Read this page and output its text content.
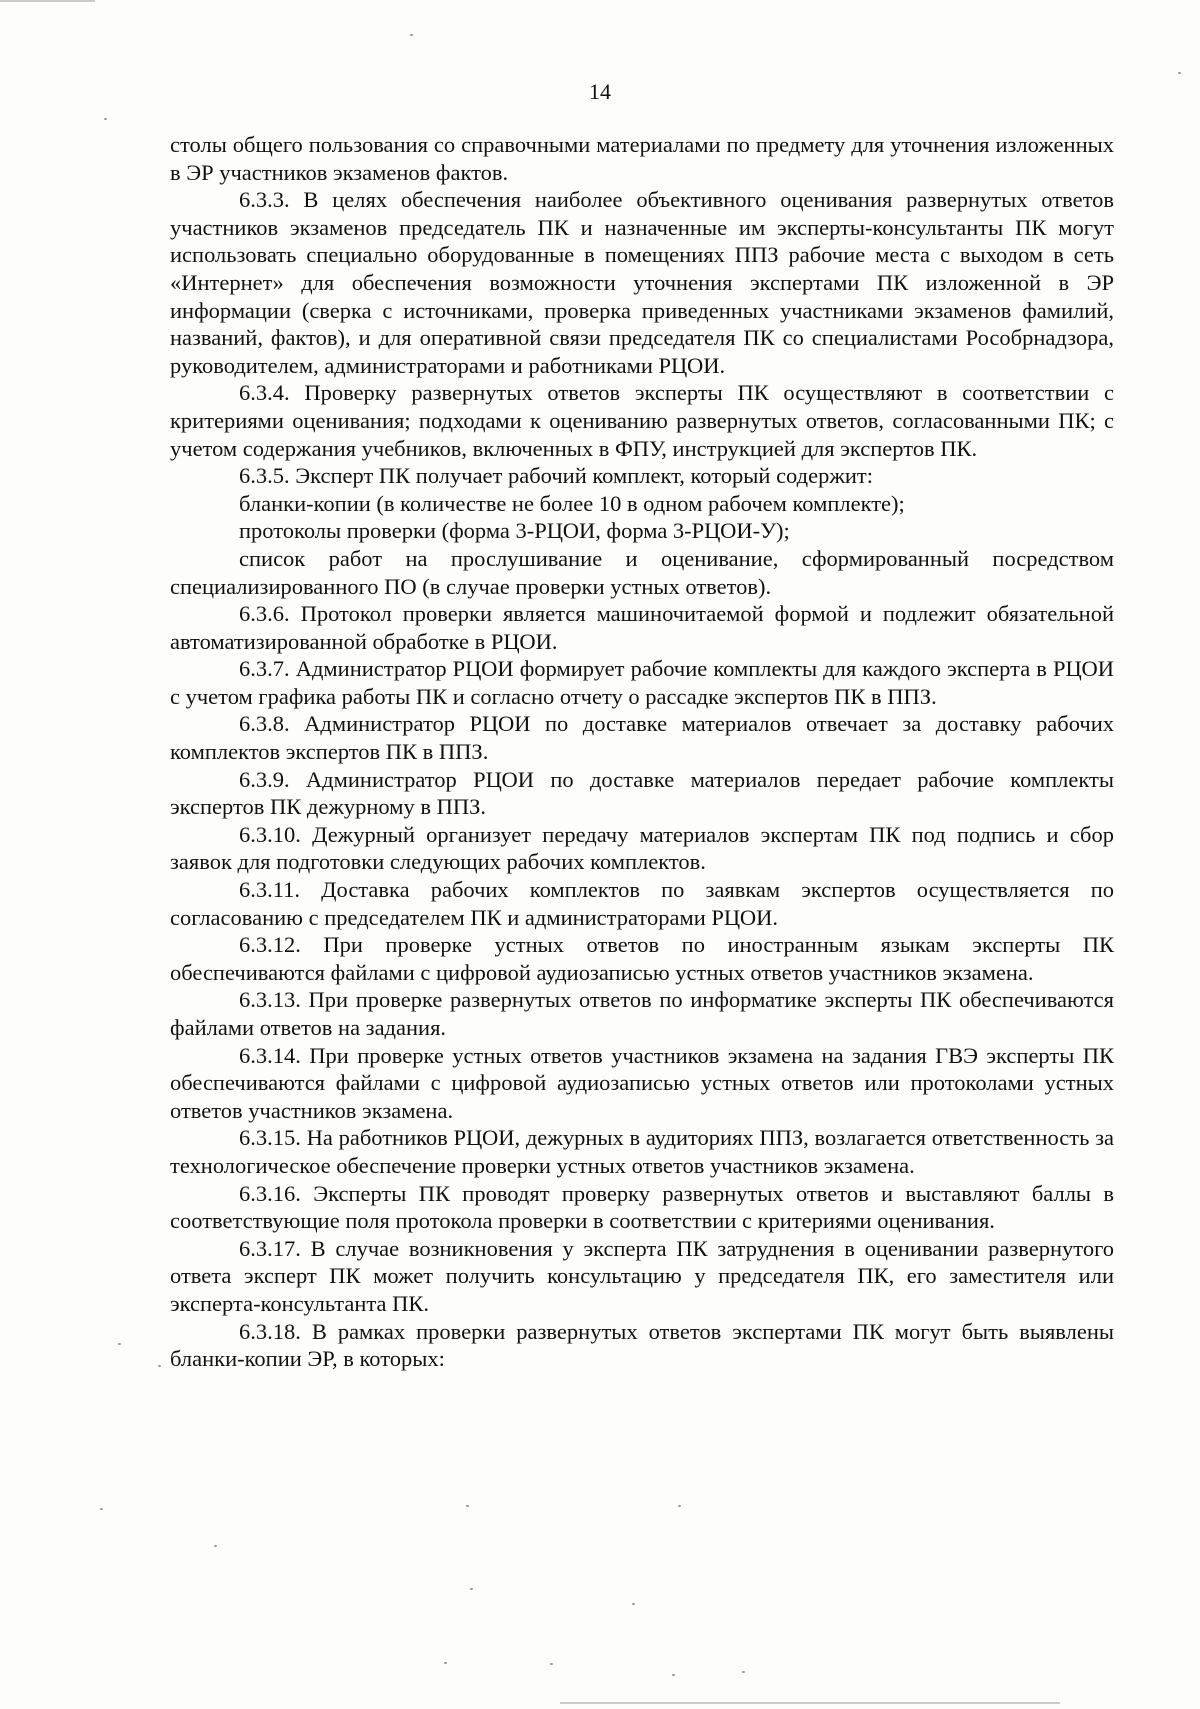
14

столы общего пользования со справочными материалами по предмету для уточнения изложенных в ЭР участников экзаменов фактов.

6.3.3. В целях обеспечения наиболее объективного оценивания развернутых ответов участников экзаменов председатель ПК и назначенные им эксперты-консультанты ПК могут использовать специально оборудованные в помещениях ППЗ рабочие места с выходом в сеть «Интернет» для обеспечения возможности уточнения экспертами ПК изложенной в ЭР информации (сверка с источниками, проверка приведенных участниками экзаменов фамилий, названий, фактов), и для оперативной связи председателя ПК со специалистами Рособрнадзора, руководителем, администраторами и работниками РЦОИ.

6.3.4. Проверку развернутых ответов эксперты ПК осуществляют в соответствии с критериями оценивания; подходами к оцениванию развернутых ответов, согласованными ПК; с учетом содержания учебников, включенных в ФПУ, инструкцией для экспертов ПК.

6.3.5. Эксперт ПК получает рабочий комплект, который содержит:

бланки-копии (в количестве не более 10 в одном рабочем комплекте);

протоколы проверки (форма 3-РЦОИ, форма 3-РЦОИ-У);

список работ на прослушивание и оценивание, сформированный посредством специализированного ПО (в случае проверки устных ответов).

6.3.6. Протокол проверки является машиночитаемой формой и подлежит обязательной автоматизированной обработке в РЦОИ.

6.3.7. Администратор РЦОИ формирует рабочие комплекты для каждого эксперта в РЦОИ с учетом графика работы ПК и согласно отчету о рассадке экспертов ПК в ППЗ.

6.3.8. Администратор РЦОИ по доставке материалов отвечает за доставку рабочих комплектов экспертов ПК в ППЗ.

6.3.9. Администратор РЦОИ по доставке материалов передает рабочие комплекты экспертов ПК дежурному в ППЗ.

6.3.10. Дежурный организует передачу материалов экспертам ПК под подпись и сбор заявок для подготовки следующих рабочих комплектов.

6.3.11. Доставка рабочих комплектов по заявкам экспертов осуществляется по согласованию с председателем ПК и администраторами РЦОИ.

6.3.12. При проверке устных ответов по иностранным языкам эксперты ПК обеспечиваются файлами с цифровой аудиозаписью устных ответов участников экзамена.

6.3.13. При проверке развернутых ответов по информатике эксперты ПК обеспечиваются файлами ответов на задания.

6.3.14. При проверке устных ответов участников экзамена на задания ГВЭ эксперты ПК обеспечиваются файлами с цифровой аудиозаписью устных ответов или протоколами устных ответов участников экзамена.

6.3.15. На работников РЦОИ, дежурных в аудиториях ППЗ, возлагается ответственность за технологическое обеспечение проверки устных ответов участников экзамена.

6.3.16. Эксперты ПК проводят проверку развернутых ответов и выставляют баллы в соответствующие поля протокола проверки в соответствии с критериями оценивания.

6.3.17. В случае возникновения у эксперта ПК затруднения в оценивании развернутого ответа эксперт ПК может получить консультацию у председателя ПК, его заместителя или эксперта-консультанта ПК.

6.3.18. В рамках проверки развернутых ответов экспертами ПК могут быть выявлены бланки-копии ЭР, в которых:
